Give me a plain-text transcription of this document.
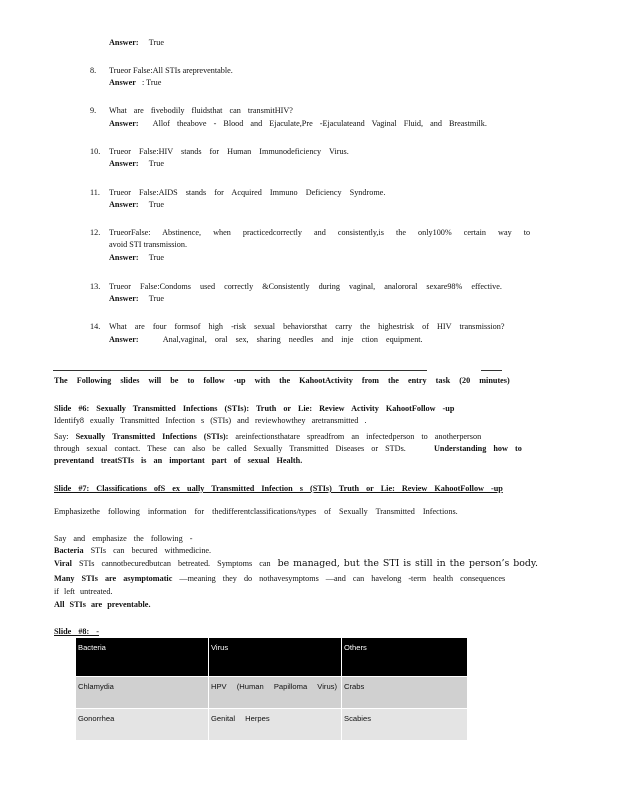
Answer: True
8. Trueor False:All STIs arepreventable.
Answer : True
9. What are fivebodily fluidsthat can transmitHIV?
Answer: Allof theabove - Blood and Ejaculate,Pre -Ejaculateand Vaginal Fluid, and Breastmilk.
10. Trueor False:HIV stands for Human Immunodeficiency Virus.
Answer: True
11. Trueor False:AIDS stands for Acquired Immuno Deficiency Syndrome.
Answer: True
12. TrueorFalse: Abstinence, when practicedcorrectly and consistently,is the only100% certain way to
avoid STI transmission.
Answer: True
13. Trueor False:Condoms used correctly &Consistently during vaginal, analororal sexare98% effective.
Answer: True
14. What are four formsof high -risk sexual behaviorsthat carry the highestrisk of HIV transmission?
Answer:	Anal,vaginal, oral sex, sharing needles and inje ction equipment.
The Following slides will be to follow -up with the KahootActivity from the entry task (20 minutes)
Slide #6: Sexually Transmitted Infections (STIs): Truth or Lie: Review Activity KahootFollow -up
Identify8 exually Transmitted Infection s (STIs) and reviewhowthey aretransmitted .
Say: Sexually Transmitted Infections (STIs): areinfectionsthatare spreadfrom an infectedperson to anotherperson
through sexual contact. These can also be called Sexually Transmitted Diseases or STDs.	Understanding how to
preventand treatSTIs is an important part of sexual Health.
Slide #7: Classifications ofS ex ually Transmitted Infection s (STIs) Truth or Lie: Review KahootFollow -up
Emphasizethe following information for thedifferentclassifications/types of Sexually Transmitted Infections.
Say and emphasize the following -
Bacteria STIs can becured withmedicine.
Viral STIs cannotbecuredbutcan betreated. Symptoms can be managed, but the STI is still in the person’s body.
Many STIs are asymptomatic —meaning they do nothavesymptoms —and can havelong -term health consequences
if left untreated.
All STIs are preventable.
Slide #8: -
Bacteria	Virus	Others
Chlamydia	HPV (Human Papilloma Virus)	Crabs
Gonorrhea	Genital Herpes	Scabies
